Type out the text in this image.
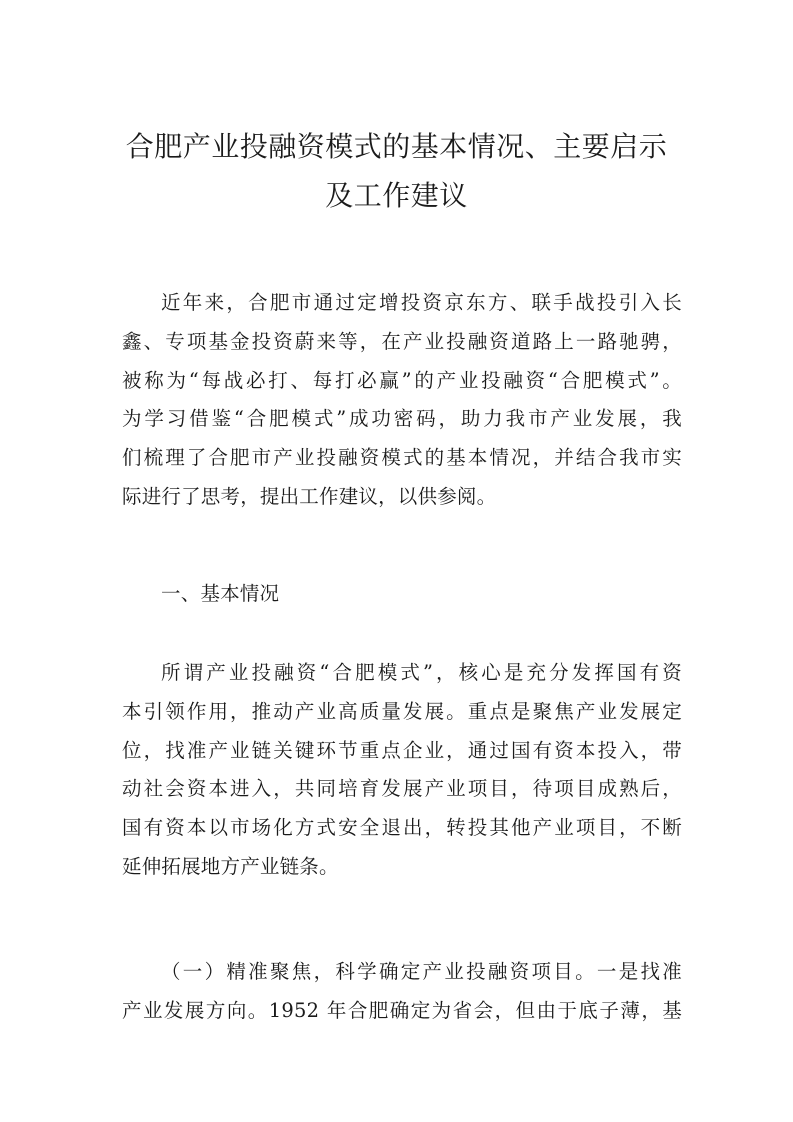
合肥产业投融资模式的基本情况、主要启示
及工作建议

近年来，合肥市通过定增投资京东方、联手战投引入长
鑫、专项基金投资蔚来等，在产业投融资道路上一路驰骋，
被称为“每战必打、每打必赢”的产业投融资“合肥模式”。
为学习借鉴“合肥模式”成功密码，助力我市产业发展，我
们梳理了合肥市产业投融资模式的基本情况，并结合我市实
际进行了思考，提出工作建议，以供参阅。

一、基本情况

所谓产业投融资“合肥模式”，核心是充分发挥国有资
本引领作用，推动产业高质量发展。重点是聚焦产业发展定
位，找准产业链关键环节重点企业，通过国有资本投入，带
动社会资本进入，共同培育发展产业项目，待项目成熟后，
国有资本以市场化方式安全退出，转投其他产业项目，不断
延伸拓展地方产业链条。

（一）精准聚焦，科学确定产业投融资项目。一是找准
产业发展方向。1952 年合肥确定为省会，但由于底子薄，基
